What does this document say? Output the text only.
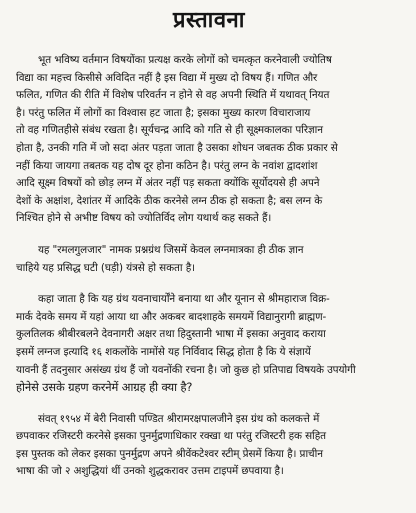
प्रस्तावना
भूत भविष्य वर्तमान विषयोंका प्रत्यक्ष करके लोगों को चमत्कृत करनेवाली ज्योतिष
विद्या का महत्त्व किसीसे अविदित नहीं है इस विद्या में मुख्य दो विषय हैं। गणित और
फलित, गणित की रीति में विशेष परिवर्तन न होने से वह अपनी स्थिति में यथावत् नियत
है। परंतु फलित में लोगों का विश्वास हट जाता है; इसका मुख्य कारण विचाराजाय
तो वह गणितहीसे संबंध रखता है। सूर्यचन्द्र आदि को गति से ही सूक्ष्मकालका परिज्ञान
होता है, उनकी गति में जो सदा अंतर पड़ता जाता है उसका शोधन जबतक ठीक प्रकार से
नहीं किया जायगा तबतक यह दोष दूर होना कठिन है। परंतु लग्न के नवांश द्वादशांश
आदि सूक्ष्म विषयों को छोड़ लग्न में अंतर नहीं पड़ सकता क्योंकि सूर्योदयसे ही अपने
देशों के अक्षांश, देशांतर में आदिके ठीक करनेसे लग्न ठीक हो सकता है; बस लग्न के
निश्चित होने से अभीष्ट विषय को ज्योतिर्विद लोग यथार्थ कह सकते हैं।
यह "रमलगुलजार" नामक प्रश्नग्रंथ जिसमें केवल लग्नमात्रका ही ठीक ज्ञान
चाहिये यह प्रसिद्ध घटी (घड़ी) यंत्रसे हो सकता है।
कहा जाता है कि यह ग्रंथ यवनाचार्योंने बनाया था और यूनान से श्रीमहाराज विक्र-
मार्क देवके समय में यहां आया था और अकबर बादशाहके समयमें विद्यानुरागी ब्राह्मण-
कुलतिलक श्रीबीरबलने देवनागरी अक्षर तथा हिदुस्तानी भाषा में इसका अनुवाद कराया
इसमें लग्नज इत्यादि १६ शकलोंके नामोंसे यह निर्विवाद सिद्ध होता है कि ये संज्ञायें
यावनी हैं तदनुसार असंख्य ग्रंथ हैं जो यवनोंकी रचना है। जो कुछ हो प्रतिपाद्य विषयके उपयोगी
होनेसे उसके ग्रहण करनेमें आग्रह ही क्या है?
संवत् १९५४ में बेरी निवासी पण्डित श्रीरामरक्षपालजीने इस ग्रंथ को कलकत्ते में
छपवाकर रजिस्टरी करनेसे इसका पुनर्मुद्रणाधिकार रक्खा था परंतु रजिस्टरी हक सहित
इस पुस्तक को लेकर इसका पुनर्मुद्रण अपने श्रीवेंकटेश्वर स्टीम् प्रेसमें किया है। प्राचीन
भाषा की जो २ अशुद्धियां थीं उनको शुद्धकरावर उत्तम टाइपमें छपवाया है।
